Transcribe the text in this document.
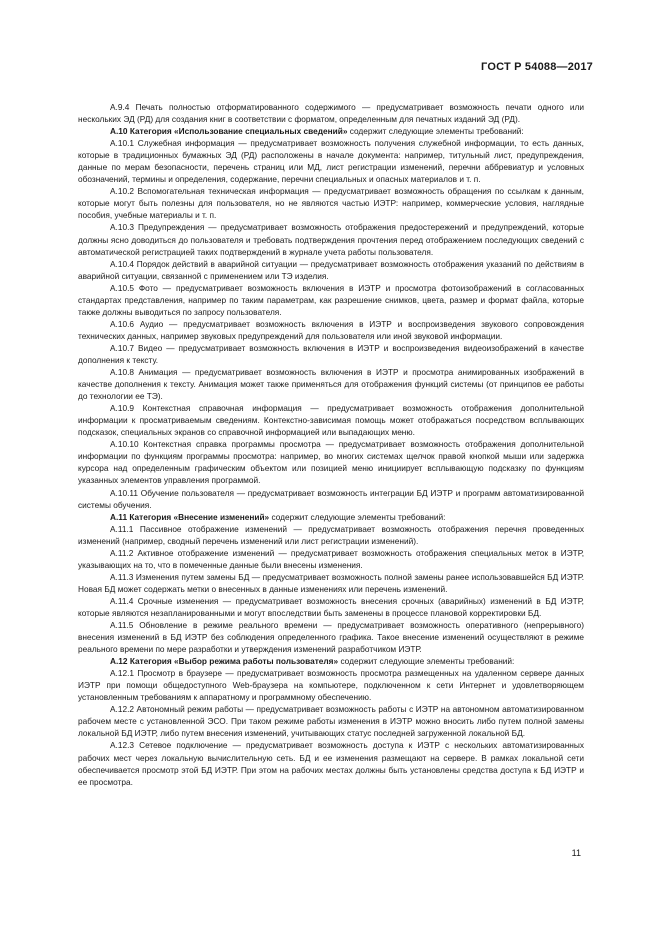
ГОСТ Р 54088—2017

А.9.4 Печать полностью отформатированного содержимого — предусматривает возможность печати одного или нескольких ЭД (РД) для создания книг в соответствии с форматом, определенным для печатных изданий ЭД (РД).

А.10 Категория «Использование специальных сведений» содержит следующие элементы требований:

А.10.1 Служебная информация — предусматривает возможность получения служебной информации, то есть данных, которые в традиционных бумажных ЭД (РД) расположены в начале документа: например, титульный лист, предупреждения, данные по мерам безопасности, перечень страниц или МД, лист регистрации изменений, перечни аббревиатур и условных обозначений, термины и определения, содержание, перечни специальных и опасных материалов и т. п.

А.10.2 Вспомогательная техническая информация — предусматривает возможность обращения по ссылкам к данным, которые могут быть полезны для пользователя, но не являются частью ИЭТР: например, коммерческие условия, наглядные пособия, учебные материалы и т. п.

А.10.3 Предупреждения — предусматривает возможность отображения предостережений и предупреждений, которые должны ясно доводиться до пользователя и требовать подтверждения прочтения перед отображением последующих сведений с автоматической регистрацией таких подтверждений в журнале учета работы пользователя.

А.10.4 Порядок действий в аварийной ситуации — предусматривает возможность отображения указаний по действиям в аварийной ситуации, связанной с применением или ТЭ изделия.

А.10.5 Фото — предусматривает возможность включения в ИЭТР и просмотра фотоизображений в согласованных стандартах представления, например по таким параметрам, как разрешение снимков, цвета, размер и формат файла, которые также должны выводиться по запросу пользователя.

А.10.6 Аудио — предусматривает возможность включения в ИЭТР и воспроизведения звукового сопровождения технических данных, например звуковых предупреждений для пользователя или иной звуковой информации.

А.10.7 Видео — предусматривает возможность включения в ИЭТР и воспроизведения видеоизображений в качестве дополнения к тексту.

А.10.8 Анимация — предусматривает возможность включения в ИЭТР и просмотра анимированных изображений в качестве дополнения к тексту. Анимация может также применяться для отображения функций системы (от принципов ее работы до технологии ее ТЭ).

А.10.9 Контекстная справочная информация — предусматривает возможность отображения дополнительной информации к просматриваемым сведениям. Контекстно-зависимая помощь может отображаться посредством всплывающих подсказок, специальных экранов со справочной информацией или выпадающих меню.

А.10.10 Контекстная справка программы просмотра — предусматривает возможность отображения дополнительной информации по функциям программы просмотра: например, во многих системах щелчок правой кнопкой мыши или задержка курсора над определенным графическим объектом или позицией меню инициирует всплывающую подсказку по функциям указанных элементов управления программой.

А.10.11 Обучение пользователя — предусматривает возможность интеграции БД ИЭТР и программ автоматизированной системы обучения.

А.11 Категория «Внесение изменений» содержит следующие элементы требований:

А.11.1 Пассивное отображение изменений — предусматривает возможность отображения перечня проведенных изменений (например, сводный перечень изменений или лист регистрации изменений).

А.11.2 Активное отображение изменений — предусматривает возможность отображения специальных меток в ИЭТР, указывающих на то, что в помеченные данные были внесены изменения.

А.11.3 Изменения путем замены БД — предусматривает возможность полной замены ранее использовавшейся БД ИЭТР. Новая БД может содержать метки о внесенных в данные изменениях или перечень изменений.

А.11.4 Срочные изменения — предусматривает возможность внесения срочных (аварийных) изменений в БД ИЭТР, которые являются незапланированными и могут впоследствии быть заменены в процессе плановой корректировки БД.

А.11.5 Обновление в режиме реального времени — предусматривает возможность оперативного (непрерывного) внесения изменений в БД ИЭТР без соблюдения определенного графика. Такое внесение изменений осуществляют в режиме реального времени по мере разработки и утверждения изменений разработчиком ИЭТР.

А.12 Категория «Выбор режима работы пользователя» содержит следующие элементы требований:

А.12.1 Просмотр в браузере — предусматривает возможность просмотра размещенных на удаленном сервере данных ИЭТР при помощи общедоступного Web-браузера на компьютере, подключенном к сети Интернет и удовлетворяющем установленным требованиям к аппаратному и программному обеспечению.

А.12.2 Автономный режим работы — предусматривает возможность работы с ИЭТР на автономном автоматизированном рабочем месте с установленной ЭСО. При таком режиме работы изменения в ИЭТР можно вносить либо путем полной замены локальной БД ИЭТР, либо путем внесения изменений, учитывающих статус последней загруженной локальной БД.

А.12.3 Сетевое подключение — предусматривает возможность доступа к ИЭТР с нескольких автоматизированных рабочих мест через локальную вычислительную сеть. БД и ее изменения размещают на сервере. В рамках локальной сети обеспечивается просмотр этой БД ИЭТР. При этом на рабочих местах должны быть установлены средства доступа к БД ИЭТР и ее просмотра.

11
